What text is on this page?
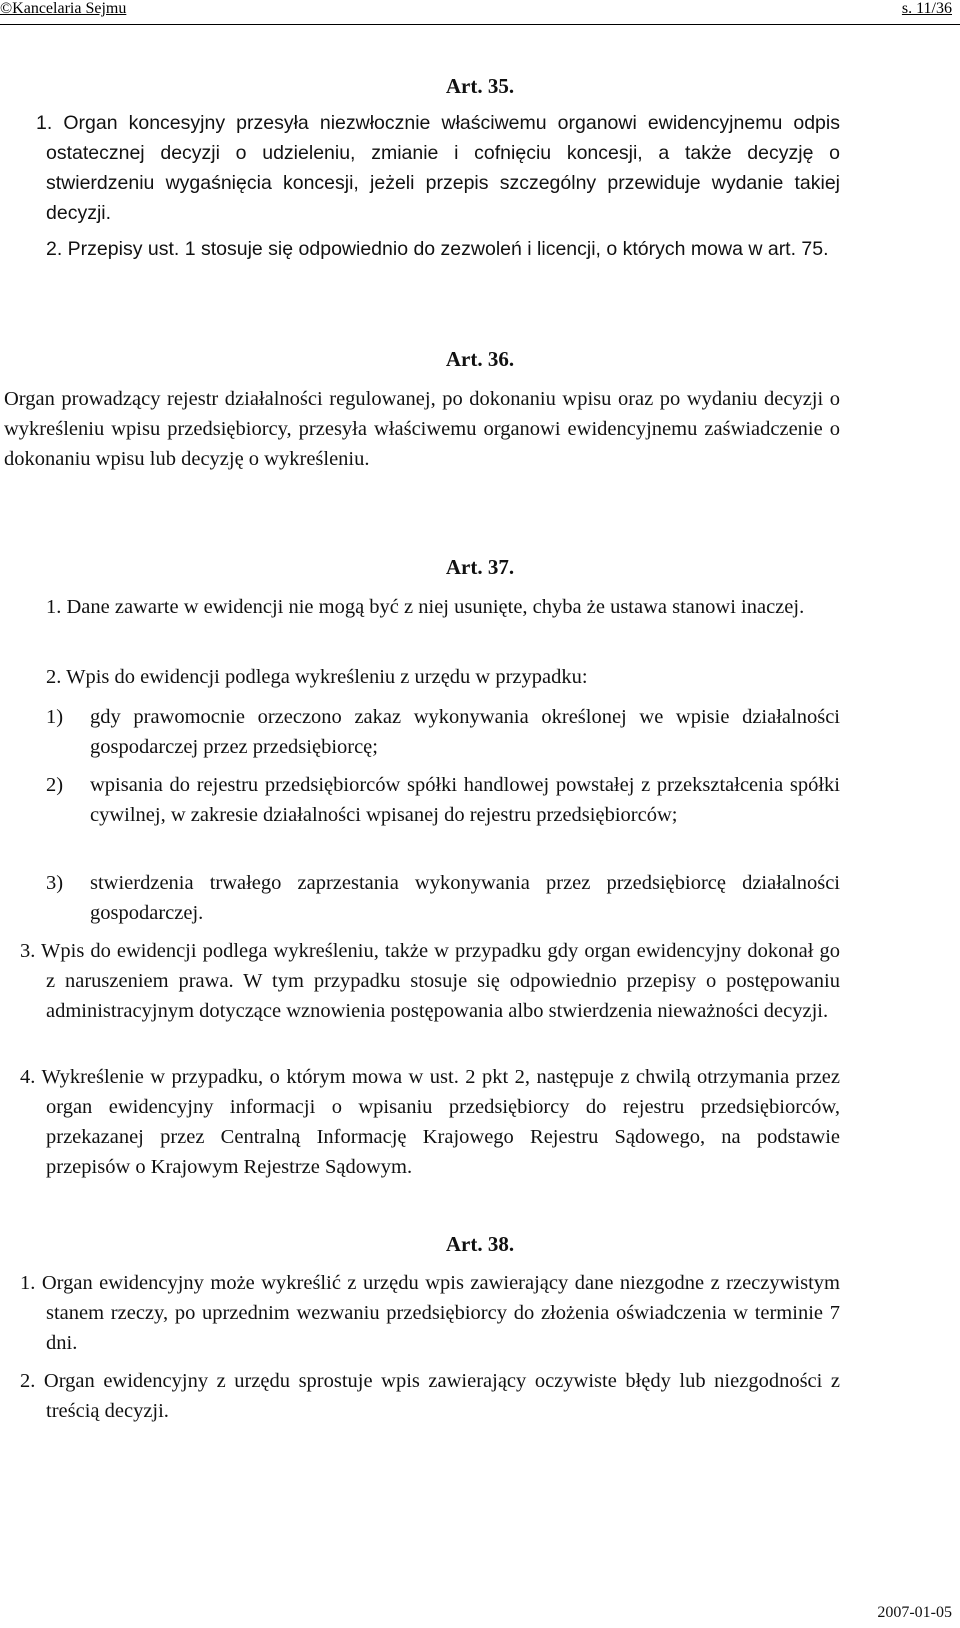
©Kancelaria Sejmu	s. 11/36
Art. 35.
1. Organ koncesyjny przesyła niezwłocznie właściwemu organowi ewidencyjnemu odpis ostatecznej decyzji o udzieleniu, zmianie i cofnięciu koncesji, a także decyzję o stwierdzeniu wygaśnięcia koncesji, jeżeli przepis szczególny przewiduje wydanie takiej decyzji.
2. Przepisy ust. 1 stosuje się odpowiednio do zezwoleń i licencji, o których mowa w art. 75.
Art. 36.
Organ prowadzący rejestr działalności regulowanej, po dokonaniu wpisu oraz po wydaniu decyzji o wykreśleniu wpisu przedsiębiorcy, przesyła właściwemu organowi ewidencyjnemu zaświadczenie o dokonaniu wpisu lub decyzję o wykreśleniu.
Art. 37.
1. Dane zawarte w ewidencji nie mogą być z niej usunięte, chyba że ustawa stanowi inaczej.
2. Wpis do ewidencji podlega wykreśleniu z urzędu w przypadku:
1) gdy prawomocnie orzeczono zakaz wykonywania określonej we wpisie działalności gospodarczej przez przedsiębiorcę;
2) wpisania do rejestru przedsiębiorców spółki handlowej powstałej z przekształcenia spółki cywilnej, w zakresie działalności wpisanej do rejestru przedsiębiorców;
3) stwierdzenia trwałego zaprzestania wykonywania przez przedsiębiorcę działalności gospodarczej.
3. Wpis do ewidencji podlega wykreśleniu, także w przypadku gdy organ ewidencyjny dokonał go z naruszeniem prawa. W tym przypadku stosuje się odpowiednio przepisy o postępowaniu administracyjnym dotyczące wznowienia postępowania albo stwierdzenia nieważności decyzji.
4. Wykreślenie w przypadku, o którym mowa w ust. 2 pkt 2, następuje z chwilą otrzymania przez organ ewidencyjny informacji o wpisaniu przedsiębiorcy do rejestru przedsiębiorców, przekazanej przez Centralną Informację Krajowego Rejestru Sądowego, na podstawie przepisów o Krajowym Rejestrze Sądowym.
Art. 38.
1. Organ ewidencyjny może wykreślić z urzędu wpis zawierający dane niezgodne z rzeczywistym stanem rzeczy, po uprzednim wezwaniu przedsiębiorcy do złożenia oświadczenia w terminie 7 dni.
2. Organ ewidencyjny z urzędu sprostuje wpis zawierający oczywiste błędy lub niezgodności z treścią decyzji.
2007-01-05
